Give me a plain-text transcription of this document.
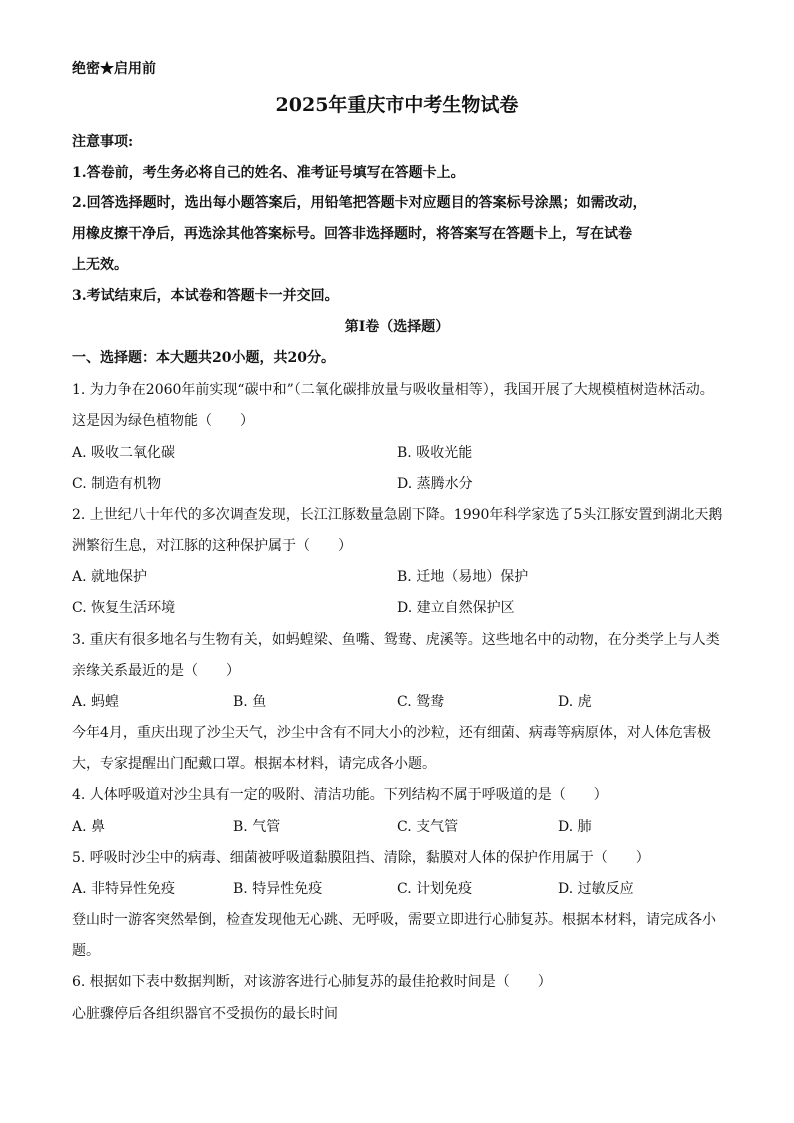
绝密★启用前
2025年重庆市中考生物试卷
注意事项:
1.答卷前，考生务必将自己的姓名、准考证号填写在答题卡上。
2.回答选择题时，选出每小题答案后，用铅笔把答题卡对应题目的答案标号涂黑；如需改动，
用橡皮擦干净后，再选涂其他答案标号。回答非选择题时，将答案写在答题卡上，写在试卷
上无效。
3.考试结束后，本试卷和答题卡一并交回。
第Ⅰ卷（选择题）
一、选择题：本大题共20小题，共20分。
1. 为力争在2060年前实现“碳中和”（二氧化碳排放量与吸收量相等），我国开展了大规模植树造林活动。
这是因为绿色植物能（　　）
A. 吸收二氧化碳	B. 吸收光能
C. 制造有机物	D. 蒸腾水分
2. 上世纪八十年代的多次调查发现，长江江豚数量急剧下降。1990年科学家选了5头江豚安置到湖北天鹅
洲繁衍生息，对江豚的这种保护属于（　　）
A. 就地保护	B. 迁地（易地）保护
C. 恢复生活环境	D. 建立自然保护区
3. 重庆有很多地名与生物有关，如蚂蝗梁、鱼嘴、鸳鸯、虎溪等。这些地名中的动物，在分类学上与人类
亲缘关系最近的是（　　）
A. 蚂蝗	B. 鱼	C. 鸳鸯	D. 虎
今年4月，重庆出现了沙尘天气，沙尘中含有不同大小的沙粒，还有细菌、病毒等病原体，对人体危害极
大，专家提醒出门配戴口罩。根据本材料，请完成各小题。
4. 人体呼吸道对沙尘具有一定的吸附、清洁功能。下列结构不属于呼吸道的是（　　）
A. 鼻	B. 气管	C. 支气管	D. 肺
5. 呼吸时沙尘中的病毒、细菌被呼吸道黏膜阻挡、清除，黏膜对人体的保护作用属于（　　）
A. 非特异性免疫	B. 特异性免疫	C. 计划免疫	D. 过敏反应
登山时一游客突然晕倒，检查发现他无心跳、无呼吸，需要立即进行心肺复苏。根据本材料，请完成各小
题。
6. 根据如下表中数据判断，对该游客进行心肺复苏的最佳抢救时间是（　　）
心脏骤停后各组织器官不受损伤的最长时间
